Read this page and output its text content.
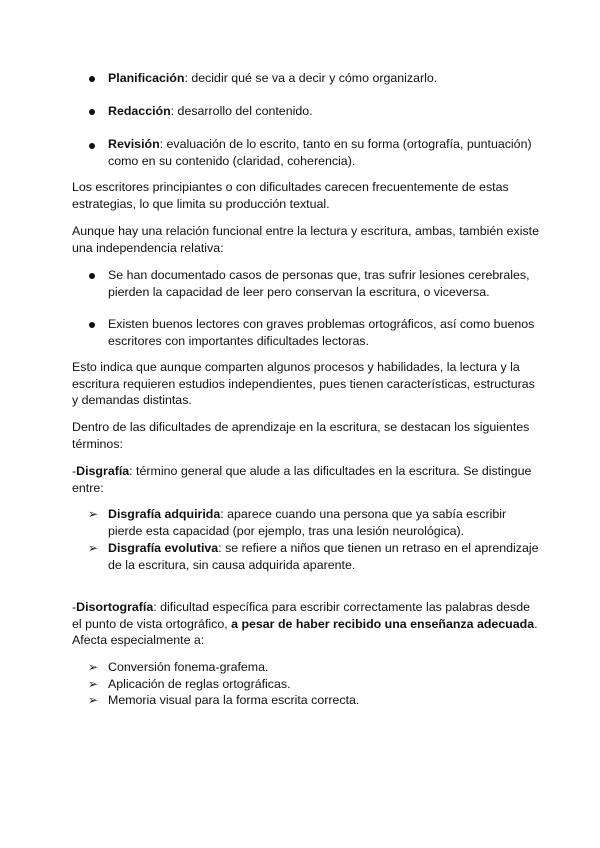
Planificación: decidir qué se va a decir y cómo organizarlo.
Redacción: desarrollo del contenido.
Revisión: evaluación de lo escrito, tanto en su forma (ortografía, puntuación) como en su contenido (claridad, coherencia).
Los escritores principiantes o con dificultades carecen frecuentemente de estas estrategias, lo que limita su producción textual.
Aunque hay una relación funcional entre la lectura y escritura, ambas, también existe una independencia relativa:
Se han documentado casos de personas que, tras sufrir lesiones cerebrales, pierden la capacidad de leer pero conservan la escritura, o viceversa.
Existen buenos lectores con graves problemas ortográficos, así como buenos escritores con importantes dificultades lectoras.
Esto indica que aunque comparten algunos procesos y habilidades, la lectura y la escritura requieren estudios independientes, pues tienen características, estructuras y demandas distintas.
Dentro de las dificultades de aprendizaje en la escritura, se destacan los siguientes términos:
-Disgrafía: término general que alude a las dificultades en la escritura. Se distingue entre:
➢ Disgrafía adquirida: aparece cuando una persona que ya sabía escribir pierde esta capacidad (por ejemplo, tras una lesión neurológica).
➢ Disgrafía evolutiva: se refiere a niños que tienen un retraso en el aprendizaje de la escritura, sin causa adquirida aparente.
-Disortografía: dificultad específica para escribir correctamente las palabras desde el punto de vista ortográfico, a pesar de haber recibido una enseñanza adecuada. Afecta especialmente a:
➢ Conversión fonema-grafema.
➢ Aplicación de reglas ortográficas.
➢ Memoria visual para la forma escrita correcta.
